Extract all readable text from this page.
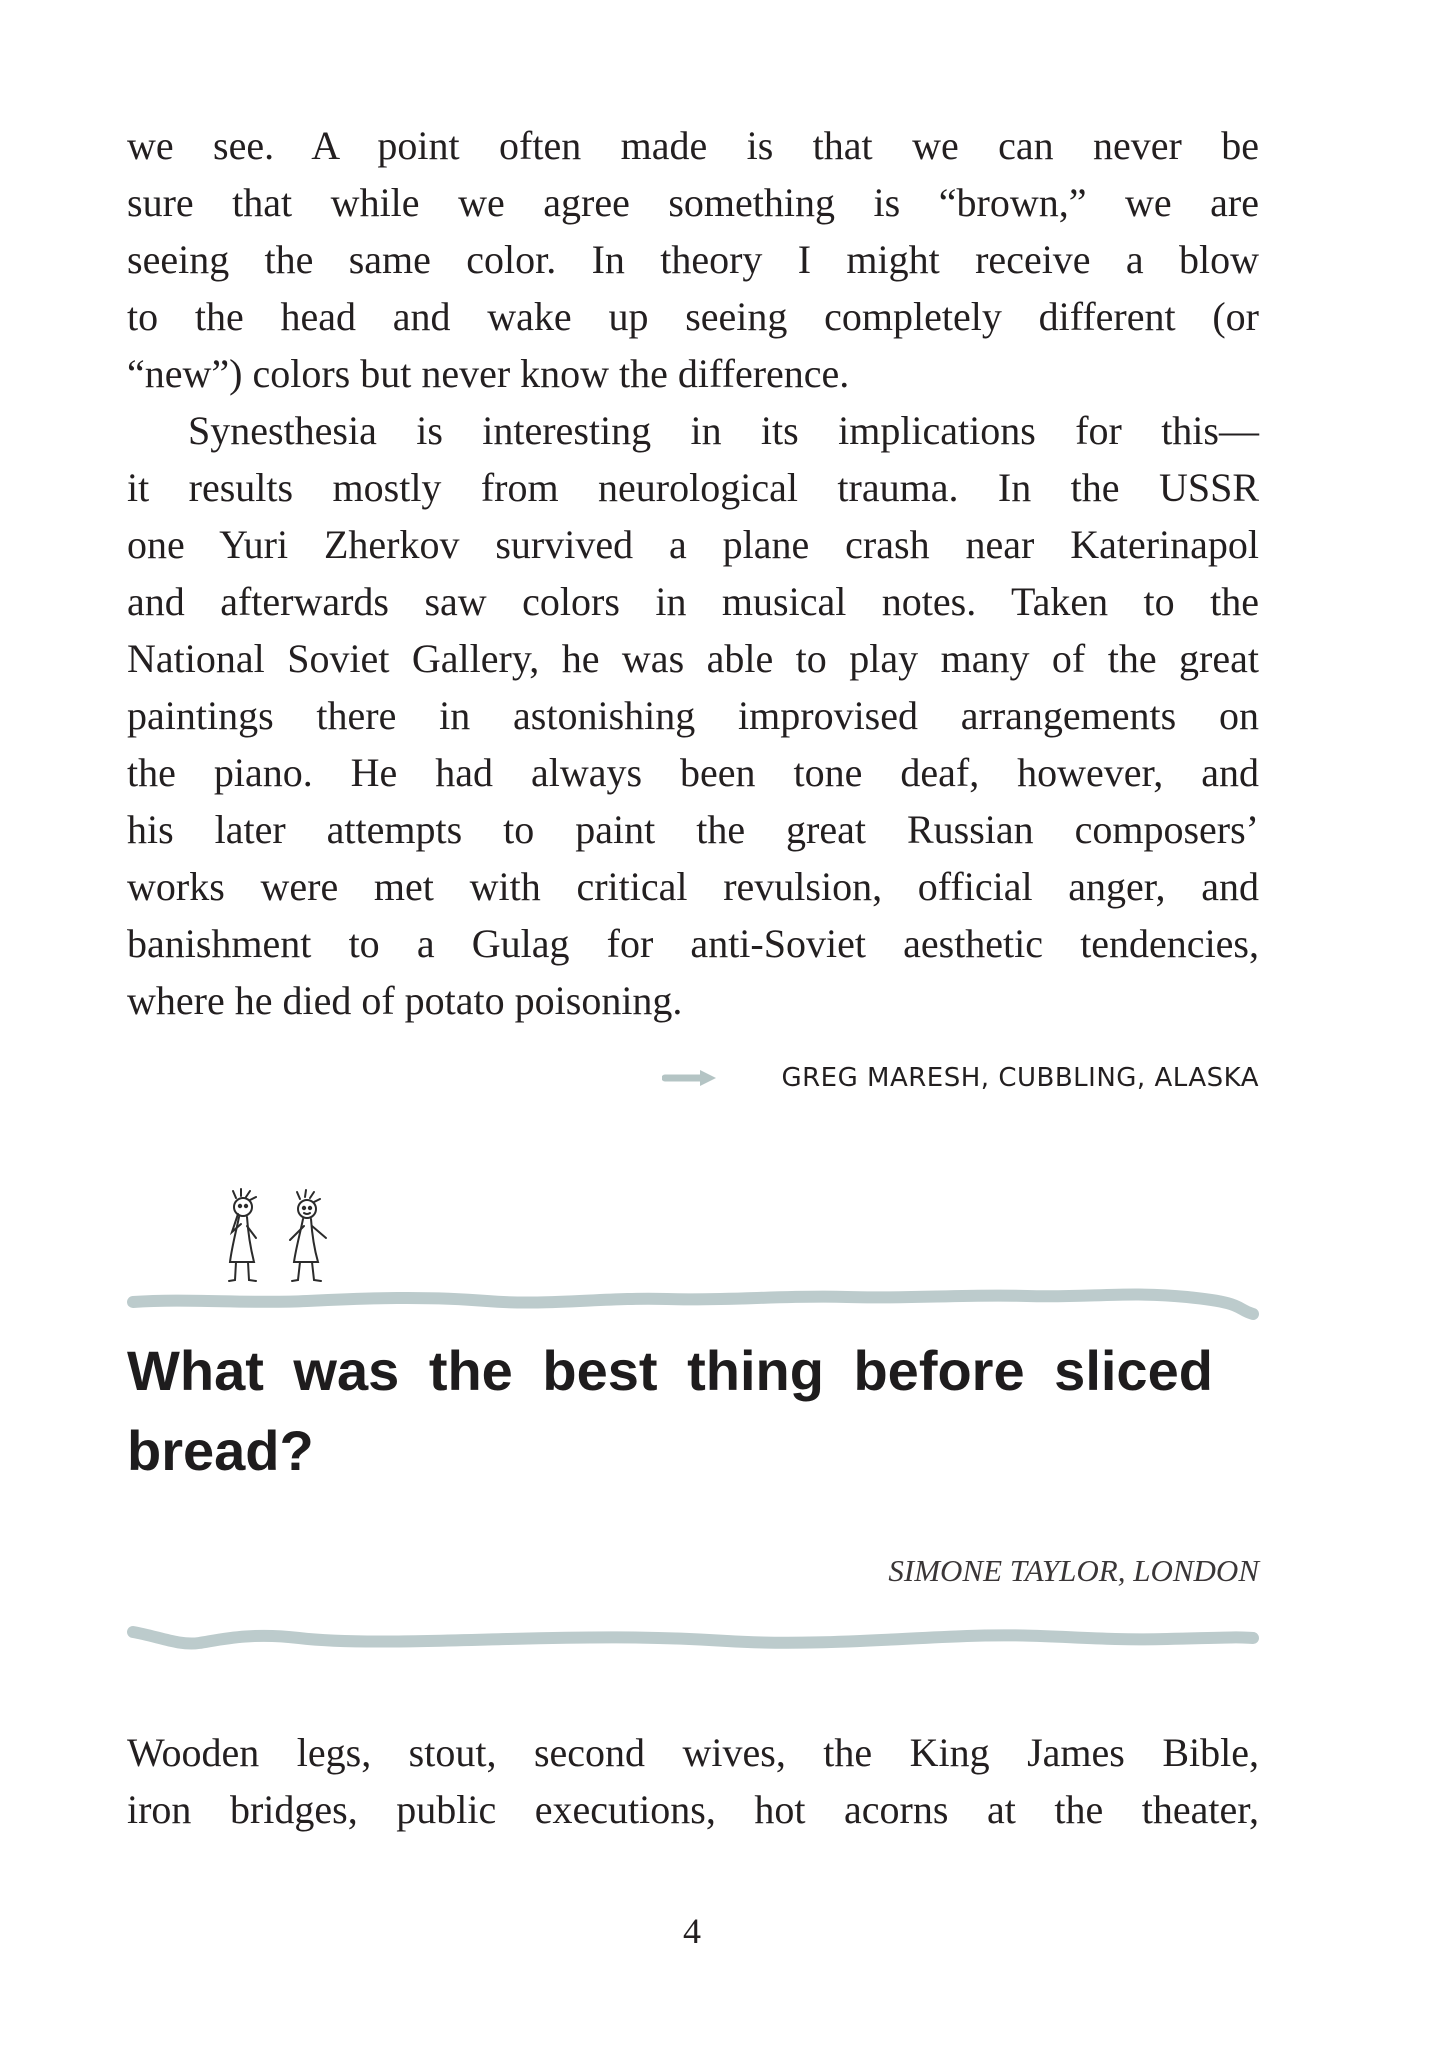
we see. A point often made is that we can never be
sure that while we agree something is “brown,” we are
seeing the same color. In theory I might receive a blow
to the head and wake up seeing completely different (or
“new”) colors but never know the difference.
Synesthesia is interesting in its implications for this—
it results mostly from neurological trauma. In the USSR
one Yuri Zherkov survived a plane crash near Katerinapol
and afterwards saw colors in musical notes. Taken to the
National Soviet Gallery, he was able to play many of the great
paintings there in astonishing improvised arrangements on
the piano. He had always been tone deaf, however, and
his later attempts to paint the great Russian composers’
works were met with critical revulsion, official anger, and
banishment to a Gulag for anti-Soviet aesthetic tendencies,
where he died of potato poisoning.
GREG MARESH, CUBBLING, ALASKA
What was the best thing before sliced bread?
SIMONE TAYLOR, LONDON
Wooden legs, stout, second wives, the King James Bible,
iron bridges, public executions, hot acorns at the theater,
4
